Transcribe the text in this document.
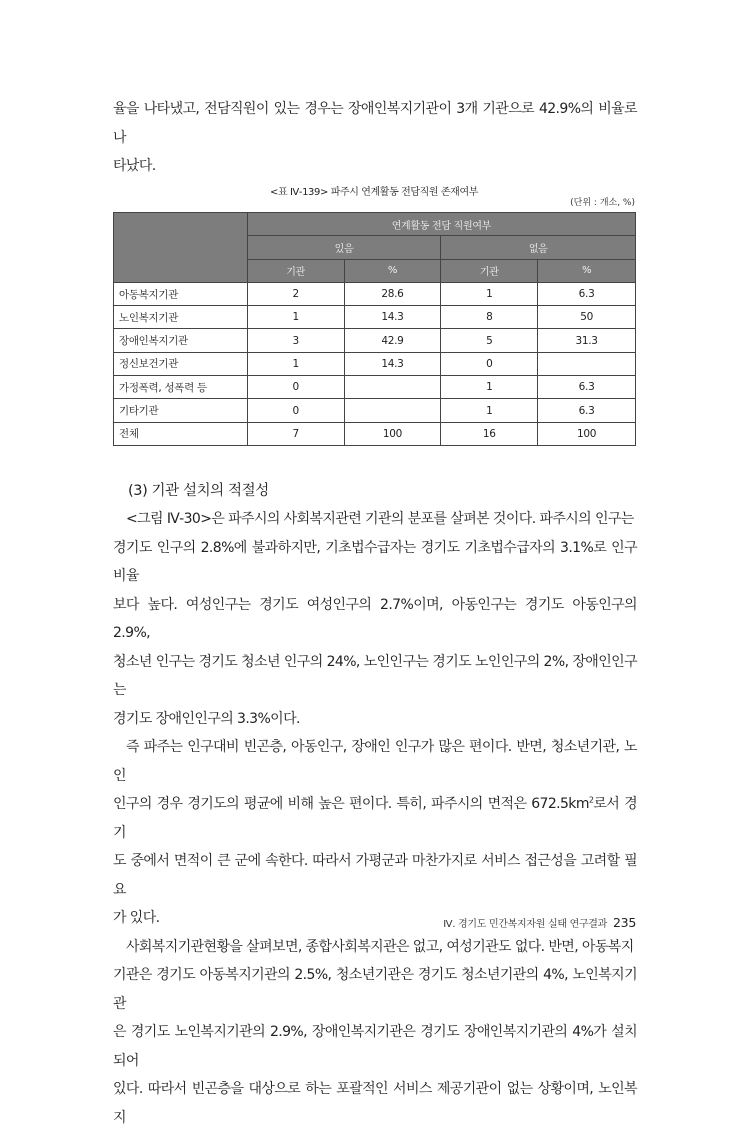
율을 나타냈고, 전담직원이 있는 경우는 장애인복지기관이 3개 기관으로 42.9%의 비율로 나

타났다.

<표 Ⅳ-139> 파주시 연계활동 전담직원 존재여부
(단위 : 개소, %)
	연계활동 전담 직원여부			
	있음		없음	
	기관	%	기관	%
아동복지기관	2	28.6	1	6.3
노인복지기관	1	14.3	8	50
장애인복지기관	3	42.9	5	31.3
정신보건기관	1	14.3	0	
가정폭력, 성폭력 등	0		1	6.3
기타기관	0		1	6.3
전체	7	100	16	100
(3) 기관 설치의 적절성

<그림 Ⅳ-30>은 파주시의 사회복지관련 기관의 분포를 살펴본 것이다. 파주시의 인구는

경기도 인구의 2.8%에 불과하지만, 기초법수급자는 경기도 기초법수급자의 3.1%로 인구비율

보다 높다. 여성인구는 경기도 여성인구의 2.7%이며, 아동인구는 경기도 아동인구의 2.9%,

청소년 인구는 경기도 청소년 인구의 24%, 노인인구는 경기도 노인인구의 2%, 장애인인구는

경기도 장애인인구의 3.3%이다.

즉 파주는 인구대비 빈곤층, 아동인구, 장애인 인구가 많은 편이다. 반면, 청소년기관, 노인

인구의 경우 경기도의 평균에 비해 높은 편이다. 특히, 파주시의 면적은 $672.5km^2$로서 경기

도 중에서 면적이 큰 군에 속한다. 따라서 가평군과 마찬가지로 서비스 접근성을 고려할 필요

가 있다.

사회복지기관현황을 살펴보면, 종합사회복지관은 없고, 여성기관도 없다. 반면, 아동복지

기관은 경기도 아동복지기관의 2.5%, 청소년기관은 경기도 청소년기관의 4%, 노인복지기관

은 경기도 노인복지기관의 2.9%, 장애인복지기관은 경기도 장애인복지기관의 4%가 설치되어

있다. 따라서 빈곤층을 대상으로 하는 포괄적인 서비스 제공기관이 없는 상황이며, 노인복지

Ⅳ. 경기도 민간복지자원 실태 연구결과 235
